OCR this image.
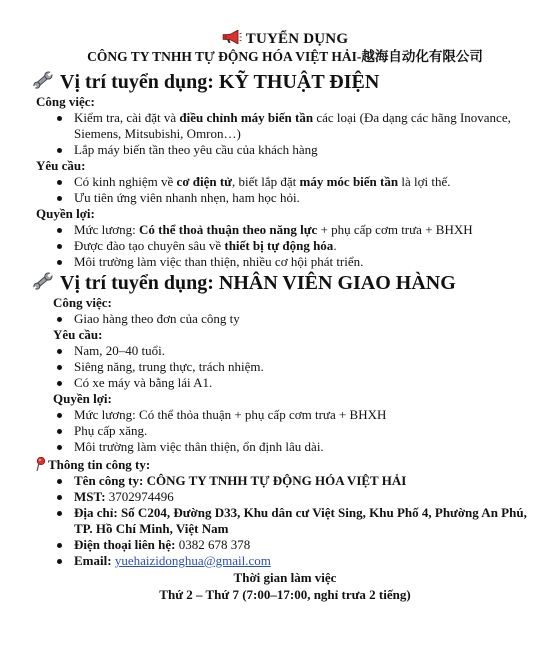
TUYỂN DỤNG

CÔNG TY TNHH TỰ ĐỘNG HÓA VIỆT HẢI-越海自动化有限公司

Vị trí tuyển dụng: KỸ THUẬT ĐIỆN

Công việc:

Kiểm tra, cài đặt và điều chỉnh máy biến tần các loại (Đa dạng các hãng Inovance, Siemens, Mitsubishi, Omron…)
Lắp máy biến tần theo yêu cầu của khách hàng

Yêu cầu:

Có kinh nghiệm về cơ điện tử, biết lắp đặt máy móc biến tần là lợi thế.
Ưu tiên ứng viên nhanh nhẹn, ham học hỏi.

Quyền lợi:

Mức lương: Có thể thoả thuận theo năng lực + phụ cấp cơm trưa + BHXH
Được đào tạo chuyên sâu về thiết bị tự động hóa.
Môi trường làm việc than thiện, nhiều cơ hội phát triển.
Vị trí tuyển dụng: NHÂN VIÊN GIAO HÀNG

Công việc:

Giao hàng theo đơn của công ty

Yêu cầu:

Nam, 20–40 tuổi.
Siêng năng, trung thực, trách nhiệm.
Có xe máy và bằng lái A1.

Quyền lợi:

Mức lương: Có thể thỏa thuận + phụ cấp cơm trưa + BHXH
Phụ cấp xăng.
Môi trường làm việc thân thiện, ổn định lâu dài.

Thông tin công ty:

Tên công ty: CÔNG TY TNHH TỰ ĐỘNG HÓA VIỆT HẢI
MST: 3702974496
Địa chỉ: Số C204, Đường D33, Khu dân cư Việt Sing, Khu Phố 4, Phường An Phú, TP. Hồ Chí Minh, Việt Nam
Điện thoại liên hệ: 0382 678 378
Email: yuehaizidonghua@gmail.com

Thời gian làm việc

Thứ 2 – Thứ 7 (7:00–17:00, nghỉ trưa 2 tiếng)
